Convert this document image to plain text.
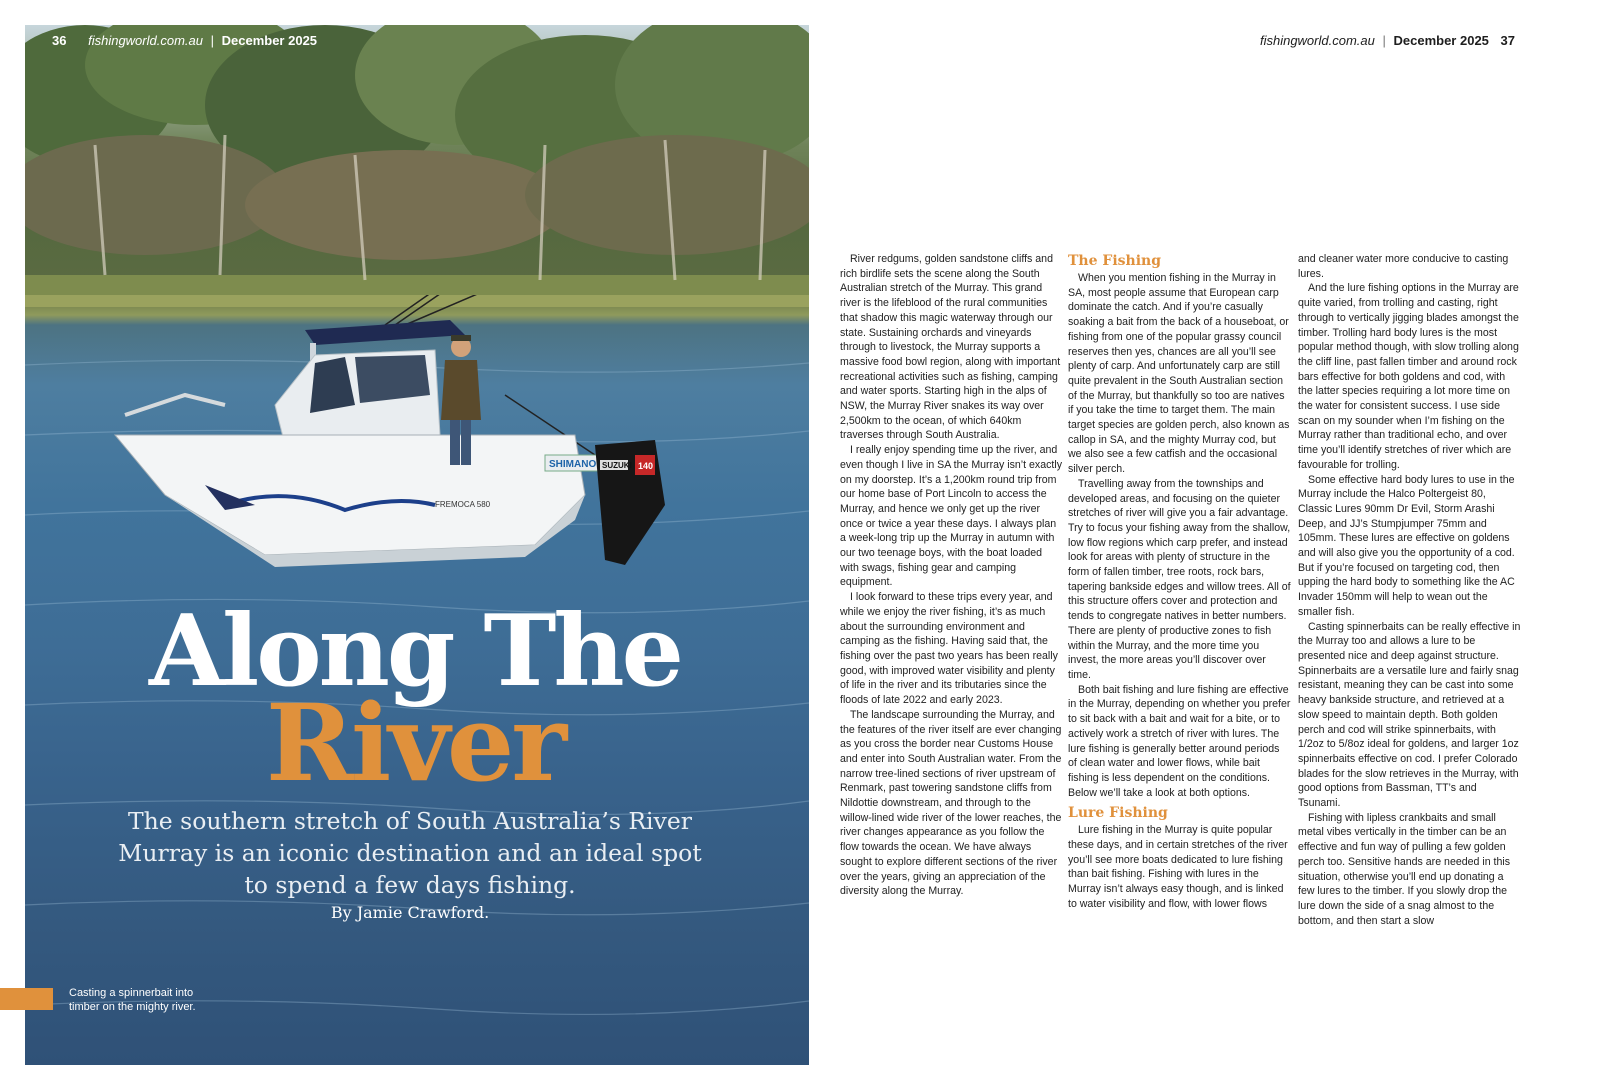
FREMOCA 580
SHIMANO SUZUKI 140
36 fishingworld.com.au | December 2025
Along The
River
The southern stretch of South Australia’s River Murray is an iconic destination and an ideal spot to spend a few days fishing.
By Jamie Crawford.
Casting a spinnerbait into timber on the mighty river.
fishingworld.com.au | December 2025 37

River redgums, golden sandstone cliffs and rich birdlife sets the scene along the South Australian stretch of the Murray. This grand river is the lifeblood of the rural communities that shadow this magic waterway through our state. Sustaining orchards and vineyards through to livestock, the Murray supports a massive food bowl region, along with important recreational activities such as fishing, camping and water sports. Starting high in the alps of NSW, the Murray River snakes its way over 2,500km to the ocean, of which 640km traverses through South Australia.

I really enjoy spending time up the river, and even though I live in SA the Murray isn’t exactly on my doorstep. It’s a 1,200km round trip from our home base of Port Lincoln to access the Murray, and hence we only get up the river once or twice a year these days. I always plan a week-long trip up the Murray in autumn with our two teenage boys, with the boat loaded with swags, fishing gear and camping equipment.

I look forward to these trips every year, and while we enjoy the river fishing, it’s as much about the surrounding environment and camping as the fishing. Having said that, the fishing over the past two years has been really good, with improved water visibility and plenty of life in the river and its tributaries since the floods of late 2022 and early 2023.

The landscape surrounding the Murray, and the features of the river itself are ever changing as you cross the border near Customs House and enter into South Australian water. From the narrow tree-lined sections of river upstream of Renmark, past towering sandstone cliffs from Nildottie downstream, and through to the willow-lined wide river of the lower reaches, the river changes appearance as you follow the flow towards the ocean. We have always sought to explore different sections of the river over the years, giving an appreciation of the diversity along the Murray.

The Fishing

When you mention fishing in the Murray in SA, most people assume that European carp dominate the catch. And if you’re casually soaking a bait from the back of a houseboat, or fishing from one of the popular grassy council reserves then yes, chances are all you’ll see plenty of carp. And unfortunately carp are still quite prevalent in the South Australian section of the Murray, but thankfully so too are natives if you take the time to target them. The main target species are golden perch, also known as callop in SA, and the mighty Murray cod, but we also see a few catfish and the occasional silver perch.

Travelling away from the townships and developed areas, and focusing on the quieter stretches of river will give you a fair advantage. Try to focus your fishing away from the shallow, low flow regions which carp prefer, and instead look for areas with plenty of structure in the form of fallen timber, tree roots, rock bars, tapering bankside edges and willow trees. All of this structure offers cover and protection and tends to congregate natives in better numbers. There are plenty of productive zones to fish within the Murray, and the more time you invest, the more areas you’ll discover over time.

Both bait fishing and lure fishing are effective in the Murray, depending on whether you prefer to sit back with a bait and wait for a bite, or to actively work a stretch of river with lures. The lure fishing is generally better around periods of clean water and lower flows, while bait fishing is less dependent on the conditions. Below we’ll take a look at both options.

Lure Fishing

Lure fishing in the Murray is quite popular these days, and in certain stretches of the river you’ll see more boats dedicated to lure fishing than bait fishing. Fishing with lures in the Murray isn’t always easy though, and is linked to water visibility and flow, with lower flows

and cleaner water more conducive to casting lures.

And the lure fishing options in the Murray are quite varied, from trolling and casting, right through to vertically jigging blades amongst the timber. Trolling hard body lures is the most popular method though, with slow trolling along the cliff line, past fallen timber and around rock bars effective for both goldens and cod, with the latter species requiring a lot more time on the water for consistent success. I use side scan on my sounder when I’m fishing on the Murray rather than traditional echo, and over time you’ll identify stretches of river which are favourable for trolling.

Some effective hard body lures to use in the Murray include the Halco Poltergeist 80, Classic Lures 90mm Dr Evil, Storm Arashi Deep, and JJ’s Stumpjumper 75mm and 105mm. These lures are effective on goldens and will also give you the opportunity of a cod. But if you’re focused on targeting cod, then upping the hard body to something like the AC Invader 150mm will help to wean out the smaller fish.

Casting spinnerbaits can be really effective in the Murray too and allows a lure to be presented nice and deep against structure. Spinnerbaits are a versatile lure and fairly snag resistant, meaning they can be cast into some heavy bankside structure, and retrieved at a slow speed to maintain depth. Both golden perch and cod will strike spinnerbaits, with 1/2oz to 5/8oz ideal for goldens, and larger 1oz spinnerbaits effective on cod. I prefer Colorado blades for the slow retrieves in the Murray, with good options from Bassman, TT’s and Tsunami.

Fishing with lipless crankbaits and small metal vibes vertically in the timber can be an effective and fun way of pulling a few golden perch too. Sensitive hands are needed in this situation, otherwise you’ll end up donating a few lures to the timber. If you slowly drop the lure down the side of a snag almost to the bottom, and then start a slow
